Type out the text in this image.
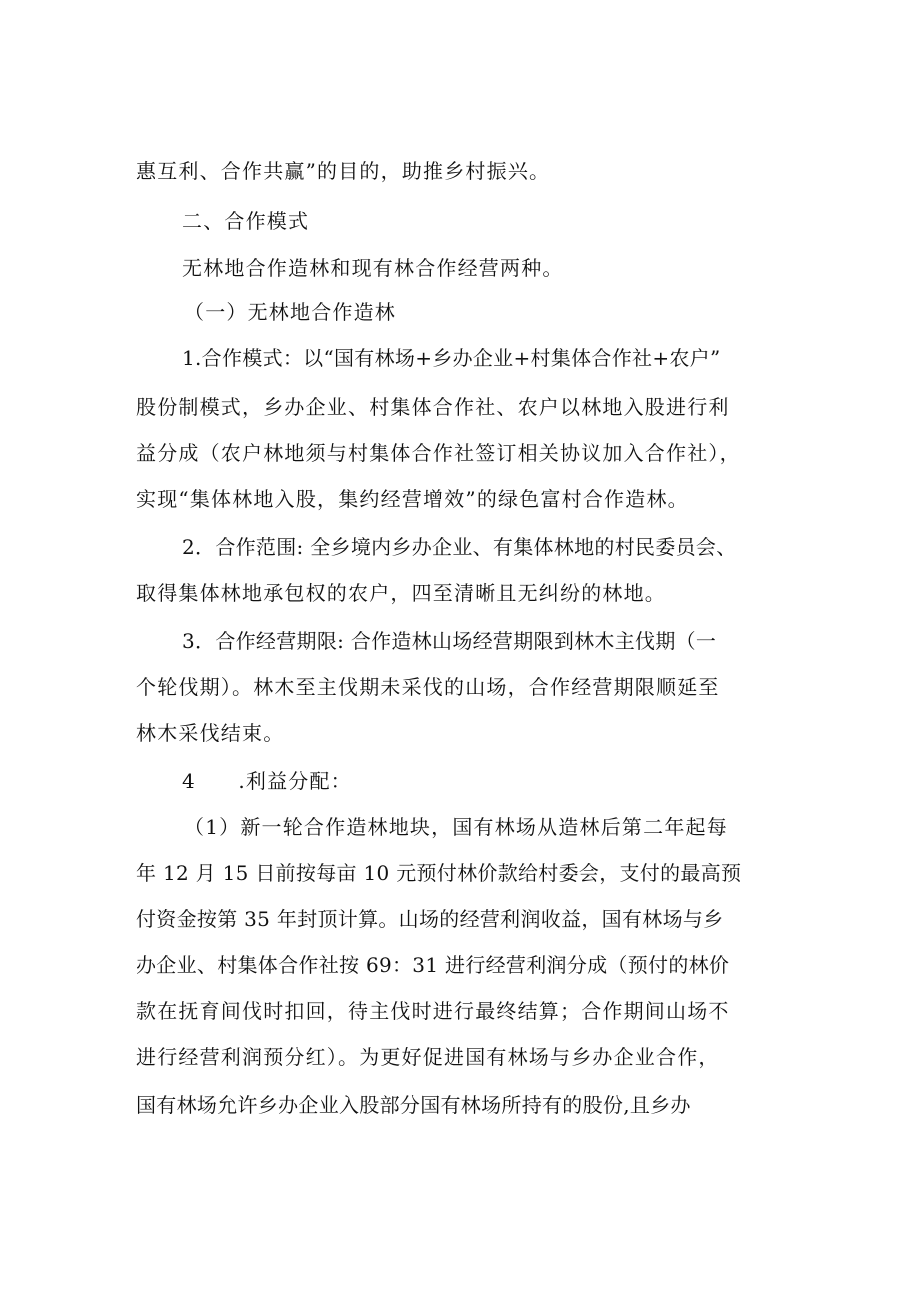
惠互利、合作共赢”的目的，助推乡村振兴。
二、合作模式
无林地合作造林和现有林合作经营两种。
（一）无林地合作造林
1.合作模式：以“国有林场+乡办企业+村集体合作社+农户”
股份制模式，乡办企业、村集体合作社、农户以林地入股进行利
益分成（农户林地须与村集体合作社签订相关协议加入合作社），
实现“集体林地入股，集约经营增效”的绿色富村合作造林。
2．合作范围: 全乡境内乡办企业、有集体林地的村民委员会、
取得集体林地承包权的农户，四至清晰且无纠纷的林地。
3．合作经营期限: 合作造林山场经营期限到林木主伐期（一
个轮伐期）。林木至主伐期未采伐的山场，合作经营期限顺延至
林木采伐结束。
4　　.利益分配：
（1）新一轮合作造林地块，国有林场从造林后第二年起每
年 12 月 15 日前按每亩 10 元预付林价款给村委会，支付的最高预
付资金按第 35 年封顶计算。山场的经营利润收益，国有林场与乡
办企业、村集体合作社按 69：31 进行经营利润分成（预付的林价
款在抚育间伐时扣回，待主伐时进行最终结算；合作期间山场不
进行经营利润预分红）。为更好促进国有林场与乡办企业合作，
国有林场允许乡办企业入股部分国有林场所持有的股份,且乡办
